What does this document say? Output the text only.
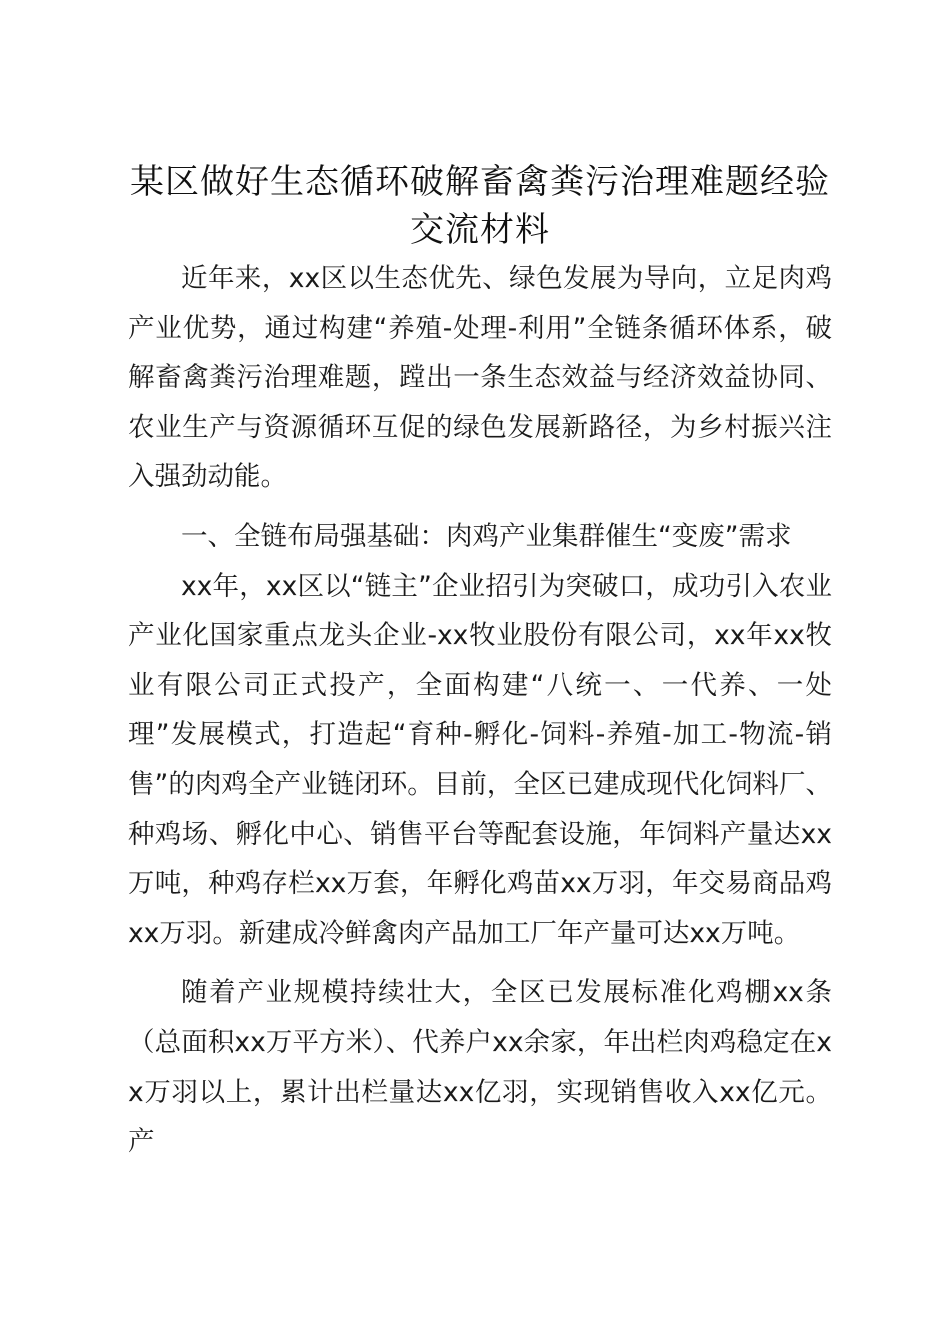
某区做好生态循环破解畜禽粪污治理难题经验交流材料

近年来，xx区以生态优先、绿色发展为导向，立足肉鸡产业优势，通过构建“养殖-处理-利用”全链条循环体系，破解畜禽粪污治理难题，蹚出一条生态效益与经济效益协同、农业生产与资源循环互促的绿色发展新路径，为乡村振兴注入强劲动能。

一、全链布局强基础：肉鸡产业集群催生“变废”需求

xx年，xx区以“链主”企业招引为突破口，成功引入农业产业化国家重点龙头企业-xx牧业股份有限公司，xx年xx牧业有限公司正式投产，全面构建“八统一、一代养、一处理”发展模式，打造起“育种-孵化-饲料-养殖-加工-物流-销售”的肉鸡全产业链闭环。目前，全区已建成现代化饲料厂、种鸡场、孵化中心、销售平台等配套设施，年饲料产量达xx万吨，种鸡存栏xx万套，年孵化鸡苗xx万羽，年交易商品鸡xx万羽。新建成冷鲜禽肉产品加工厂年产量可达xx万吨。

随着产业规模持续壮大，全区已发展标准化鸡棚xx条（总面积xx万平方米）、代养户xx余家，年出栏肉鸡稳定在xx万羽以上，累计出栏量达xx亿羽，实现销售收入xx亿元。产
